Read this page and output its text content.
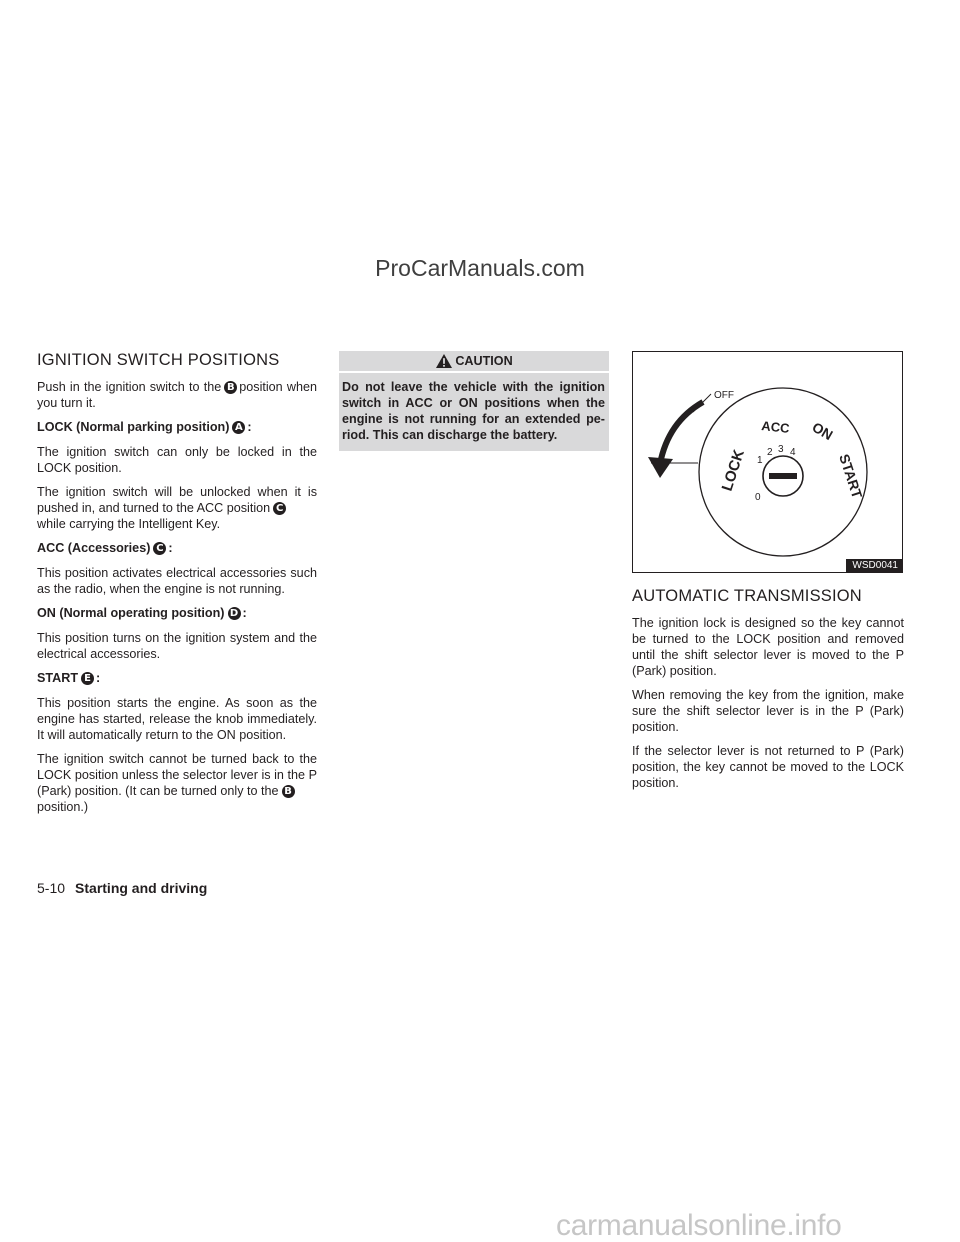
ProCarManuals.com
IGNITION SWITCH POSITIONS

Push in the ignition switch to the B position when you turn it.

LOCK (Normal parking position) A :

The ignition switch can only be locked in the LOCK position.

The ignition switch will be unlocked when it is pushed in, and turned to the ACC position C
while carrying the Intelligent Key.

ACC (Accessories) C :

This position activates electrical accessories such as the radio, when the engine is not running.

ON (Normal operating position) D :

This position turns on the ignition system and the electrical accessories.

START E :

This position starts the engine. As soon as the engine has started, release the knob immediately. It will automatically return to the ON position.

The ignition switch cannot be turned back to the LOCK position unless the selector lever is in the P (Park) position. (It can be turned only to the B
position.)

CAUTION
Do not leave the vehicle with the ignition switch in ACC or ON positions when the engine is not running for an extended pe-riod. This can discharge the battery.
OFF
LOCK 1
2 3 4
0
ACC ON
START
WSD0041
AUTOMATIC TRANSMISSION

The ignition lock is designed so the key cannot be turned to the LOCK position and removed until the shift selector lever is moved to the P (Park) position.

When removing the key from the ignition, make sure the shift selector lever is in the P (Park) position.

If the selector lever is not returned to P (Park) position, the key cannot be moved to the LOCK position.

5-10 Starting and driving
carmanualsonline.info
